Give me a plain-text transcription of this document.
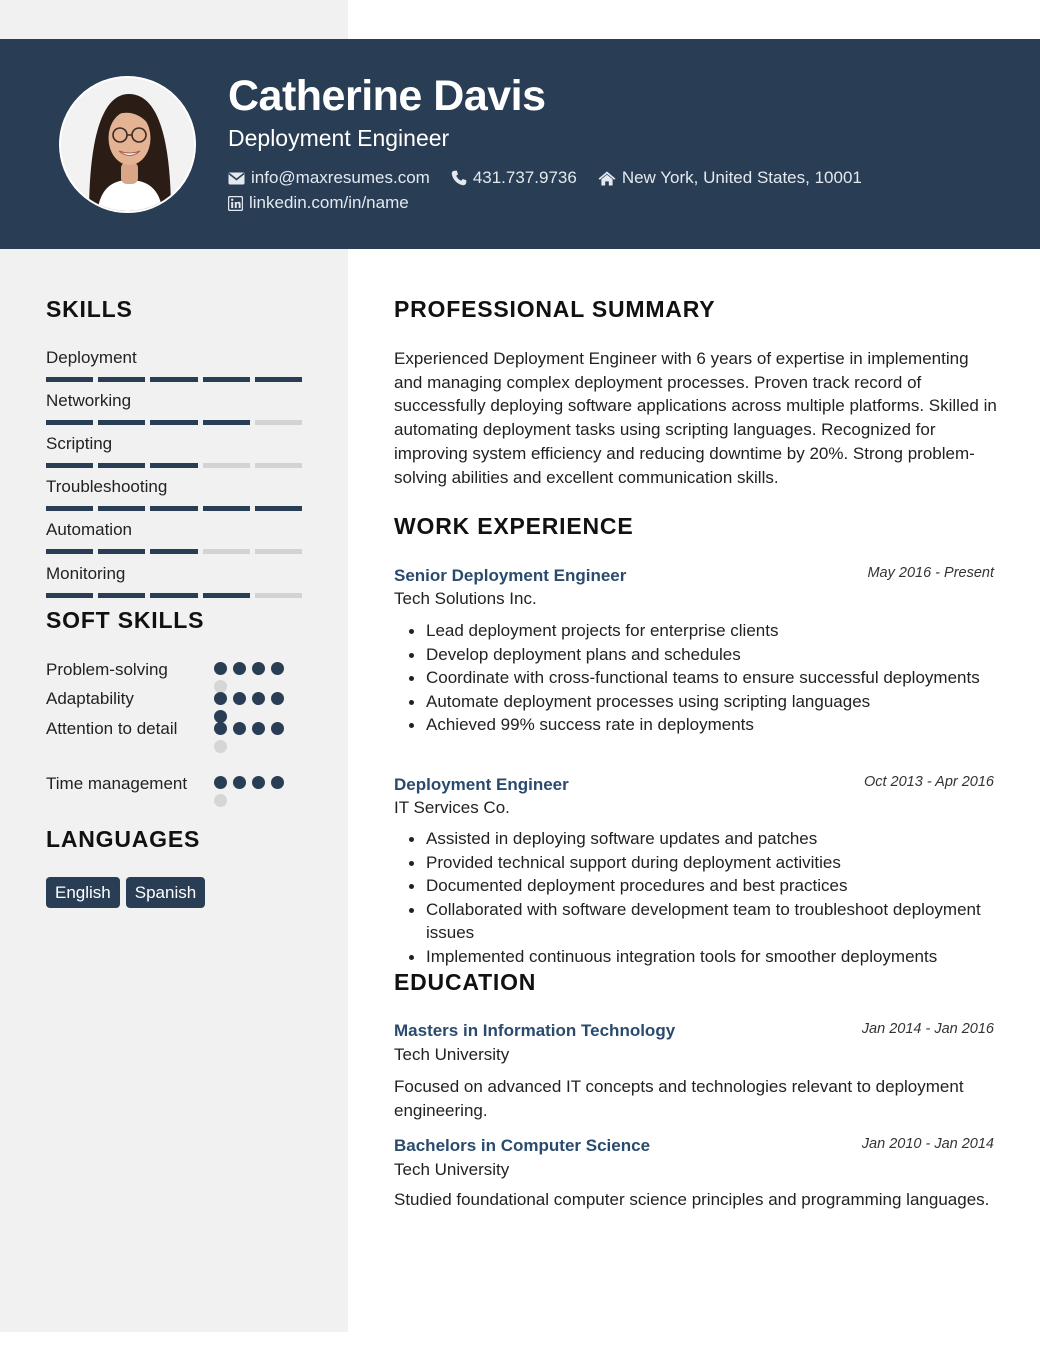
Catherine Davis
Deployment Engineer
info@maxresumes.com	431.737.9736	New York, United States, 10001
linkedin.com/in/name
SKILLS
Deployment
Networking
Scripting
Troubleshooting
Automation
Monitoring
SOFT SKILLS
Problem-solving
Adaptability
Attention to detail
Time management
LANGUAGES
English	Spanish
PROFESSIONAL SUMMARY
Experienced Deployment Engineer with 6 years of expertise in implementing and managing complex deployment processes. Proven track record of successfully deploying software applications across multiple platforms. Skilled in automating deployment tasks using scripting languages. Recognized for improving system efficiency and reducing downtime by 20%. Strong problem-solving abilities and excellent communication skills.
WORK EXPERIENCE
Senior Deployment Engineer	May 2016 - Present
Tech Solutions Inc.
Lead deployment projects for enterprise clients
Develop deployment plans and schedules
Coordinate with cross-functional teams to ensure successful deployments
Automate deployment processes using scripting languages
Achieved 99% success rate in deployments
Deployment Engineer	Oct 2013 - Apr 2016
IT Services Co.
Assisted in deploying software updates and patches
Provided technical support during deployment activities
Documented deployment procedures and best practices
Collaborated with software development team to troubleshoot deployment issues
Implemented continuous integration tools for smoother deployments
EDUCATION
Masters in Information Technology	Jan 2014 - Jan 2016
Tech University
Focused on advanced IT concepts and technologies relevant to deployment engineering.
Bachelors in Computer Science	Jan 2010 - Jan 2014
Tech University
Studied foundational computer science principles and programming languages.
